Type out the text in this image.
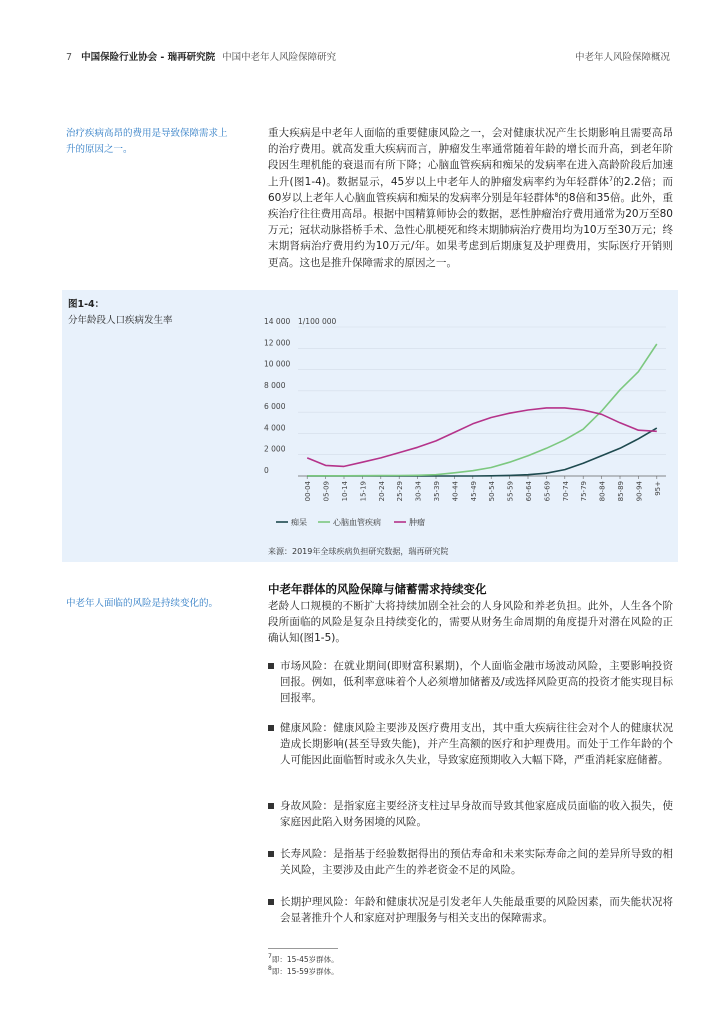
7 中国保险行业协会 - 瑞再研究院 中国中老年人风险保障研究	中老年人风险保障概况
治疗疾病高昂的费用是导致保障需求上升的原因之一。
重大疾病是中老年人面临的重要健康风险之一，会对健康状况产生长期影响且需要高昂的治疗费用。就高发重大疾病而言，肿瘤发生率通常随着年龄的增长而升高，到老年阶段因生理机能的衰退而有所下降；心脑血管疾病和痴呆的发病率在进入高龄阶段后加速上升(图1-4)。数据显示，45岁以上中老年人的肿瘤发病率约为年轻群体$^7$的2.2倍；而60岁以上老年人心脑血管疾病和痴呆的发病率分别是年轻群体$^8$的8倍和35倍。此外，重疾治疗往往费用高昂。根据中国精算师协会的数据，恶性肿瘤治疗费用通常为20万至80万元；冠状动脉搭桥手术、急性心肌梗死和终末期肺病治疗费用均为10万至30万元；终末期肾病治疗费用约为10万元/年。如果考虑到后期康复及护理费用，实际医疗开销则更高。这也是推升保障需求的原因之一。
图1-4：
分年龄段人口疾病发生率	14 000
12 000
10 000
8 000
6 000
4 000
2 000
0
1/100 000
00-04 05-09 10-14 15-19 20-24 25-29 30-34 35-39 40-44 45-49 50-54 55-59 60-64 65-69 70-74 75-79 80-84 85-89 90-94 95+
痴呆	心脑血管疾病	肿瘤
来源：2019年全球疾病负担研究数据，瑞再研究院
中老年人面临的风险是持续变化的。
中老年群体的风险保障与储蓄需求持续变化
老龄人口规模的不断扩大将持续加剧全社会的人身风险和养老负担。此外，人生各个阶段所面临的风险是复杂且持续变化的，需要从财务生命周期的角度提升对潜在风险的正确认知(图1-5)。
市场风险：在就业期间(即财富积累期)，个人面临金融市场波动风险，主要影响投资回报。例如，低利率意味着个人必须增加储蓄及/或选择风险更高的投资才能实现目标回报率。
健康风险：健康风险主要涉及医疗费用支出，其中重大疾病往往会对个人的健康状况造成长期影响(甚至导致失能)，并产生高额的医疗和护理费用。而处于工作年龄的个人可能因此面临暂时或永久失业，导致家庭预期收入大幅下降，严重消耗家庭储蓄。
身故风险：是指家庭主要经济支柱过早身故而导致其他家庭成员面临的收入损失，使家庭因此陷入财务困境的风险。
长寿风险：是指基于经验数据得出的预估寿命和未来实际寿命之间的差异所导致的相关风险，主要涉及由此产生的养老资金不足的风险。
长期护理风险：年龄和健康状况是引发老年人失能最重要的风险因素，而失能状况将会显著推升个人和家庭对护理服务与相关支出的保障需求。
$^7$即：15-45岁群体。
$^8$即：15-59岁群体。
